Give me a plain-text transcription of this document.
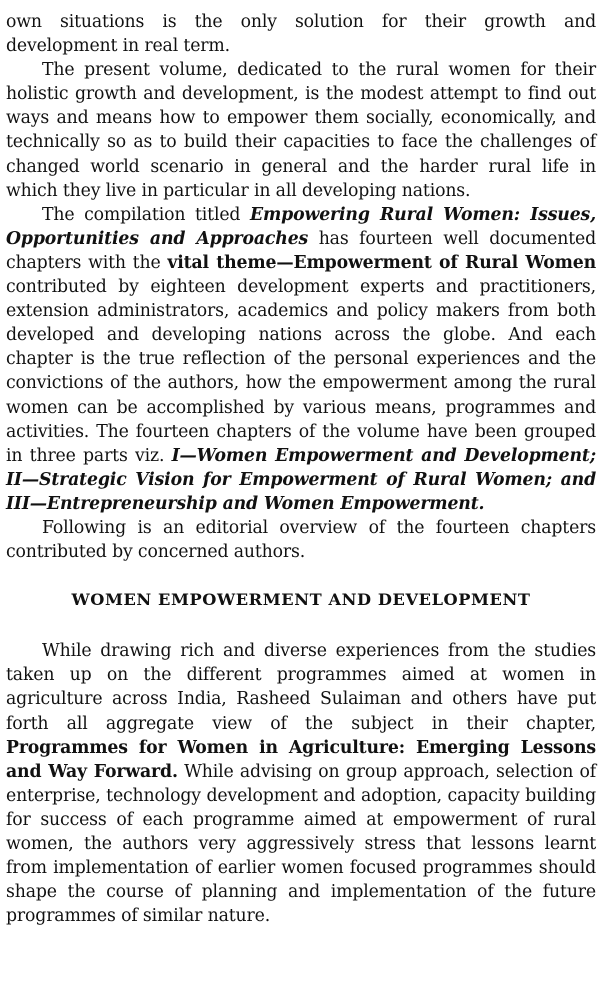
own situations is the only solution for their growth and development in real term.

The present volume, dedicated to the rural women for their holistic growth and development, is the modest attempt to find out ways and means how to empower them socially, economically, and technically so as to build their capacities to face the challenges of changed world scenario in general and the harder rural life in which they live in particular in all developing nations.

The compilation titled Empowering Rural Women: Issues, Opportunities and Approaches has fourteen well documented chapters with the vital theme—Empowerment of Rural Women contributed by eighteen development experts and practitioners, extension administrators, academics and policy makers from both developed and developing nations across the globe. And each chapter is the true reflection of the personal experiences and the convictions of the authors, how the empowerment among the rural women can be accomplished by various means, programmes and activities. The fourteen chapters of the volume have been grouped in three parts viz. I—Women Empowerment and Development; II—Strategic Vision for Empowerment of Rural Women; and III—Entrepreneurship and Women Empowerment.

Following is an editorial overview of the fourteen chapters contributed by concerned authors.

WOMEN EMPOWERMENT AND DEVELOPMENT

While drawing rich and diverse experiences from the studies taken up on the different programmes aimed at women in agriculture across India, Rasheed Sulaiman and others have put forth all aggregate view of the subject in their chapter, Programmes for Women in Agriculture: Emerging Lessons and Way Forward. While advising on group approach, selection of enterprise, technology development and adoption, capacity building for success of each programme aimed at empowerment of rural women, the authors very aggressively stress that lessons learnt from implementation of earlier women focused programmes should shape the course of planning and implementation of the future programmes of similar nature.
